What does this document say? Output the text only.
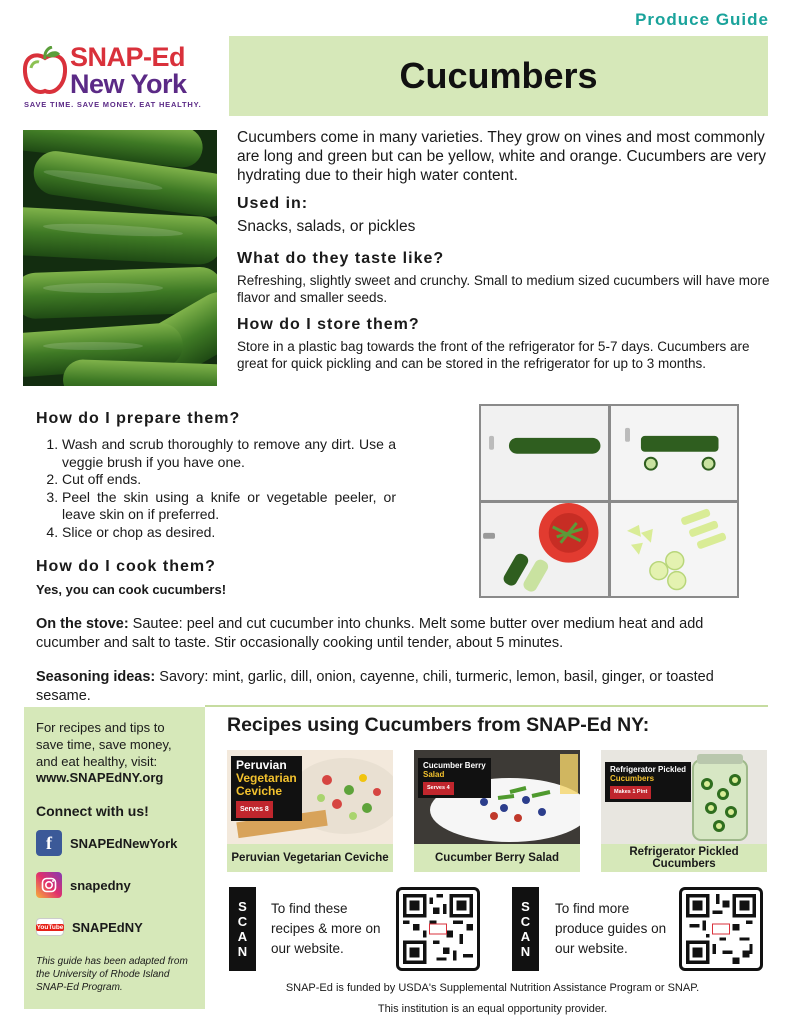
Produce Guide
SNAP-Ed
New York
SAVE TIME. SAVE MONEY. EAT HEALTHY.
Cucumbers

Cucumbers come in many varieties. They grow on vines and most commonly are long and green but can be yellow, white and orange. Cucumbers are very hydrating due to their high water content.

Used in:

Snacks, salads, or pickles

What do they taste like?

Refreshing, slightly sweet and crunchy. Small to medium sized cucumbers will have more flavor and smaller seeds.

How do I store them?

Store in a plastic bag towards the front of the refrigerator for 5-7 days. Cucumbers are great for quick pickling and can be stored in the refrigerator for up to 3 months.

How do I prepare them?
1. Wash and scrub thoroughly to remove any dirt. Use a veggie brush if you have one.
2. Cut off ends.
3. Peel the skin using a knife or vegetable peeler, or leave skin on if preferred.
4. Slice or chop as desired.
How do I cook them?
Yes, you can cook cucumbers!

On the stove: Sautee: peel and cut cucumber into chunks. Melt some butter over medium heat and add cucumber and salt to taste. Stir occasionally cooking until tender, about 5 minutes.

Seasoning ideas: Savory: mint, garlic, dill, onion, cayenne, chili, turmeric, lemon, basil, ginger, or toasted sesame.

For recipes and tips to save time, save money, and eat healthy, visit:
www.SNAPEdNY.org
Connect with us!
f	SNAPEdNewYork
snapedny
YouTube SNAPEdNY
This guide has been adapted from the University of Rhode Island SNAP-Ed Program.
Recipes using Cucumbers from SNAP-Ed NY:
Peruvian
Vegetarian
Ceviche
Serves 8
Peruvian Vegetarian Ceviche
Cucumber Berry
Salad
Serves 4
Cucumber Berry Salad
Refrigerator Pickled
Cucumbers
Makes 1 Pint
Refrigerator Pickled Cucumbers
S
C
A
N
To find these recipes & more on our website.
S
C
A
N
To find more produce guides on our website.
SNAP-Ed is funded by USDA's Supplemental Nutrition Assistance Program or SNAP.
This institution is an equal opportunity provider.
